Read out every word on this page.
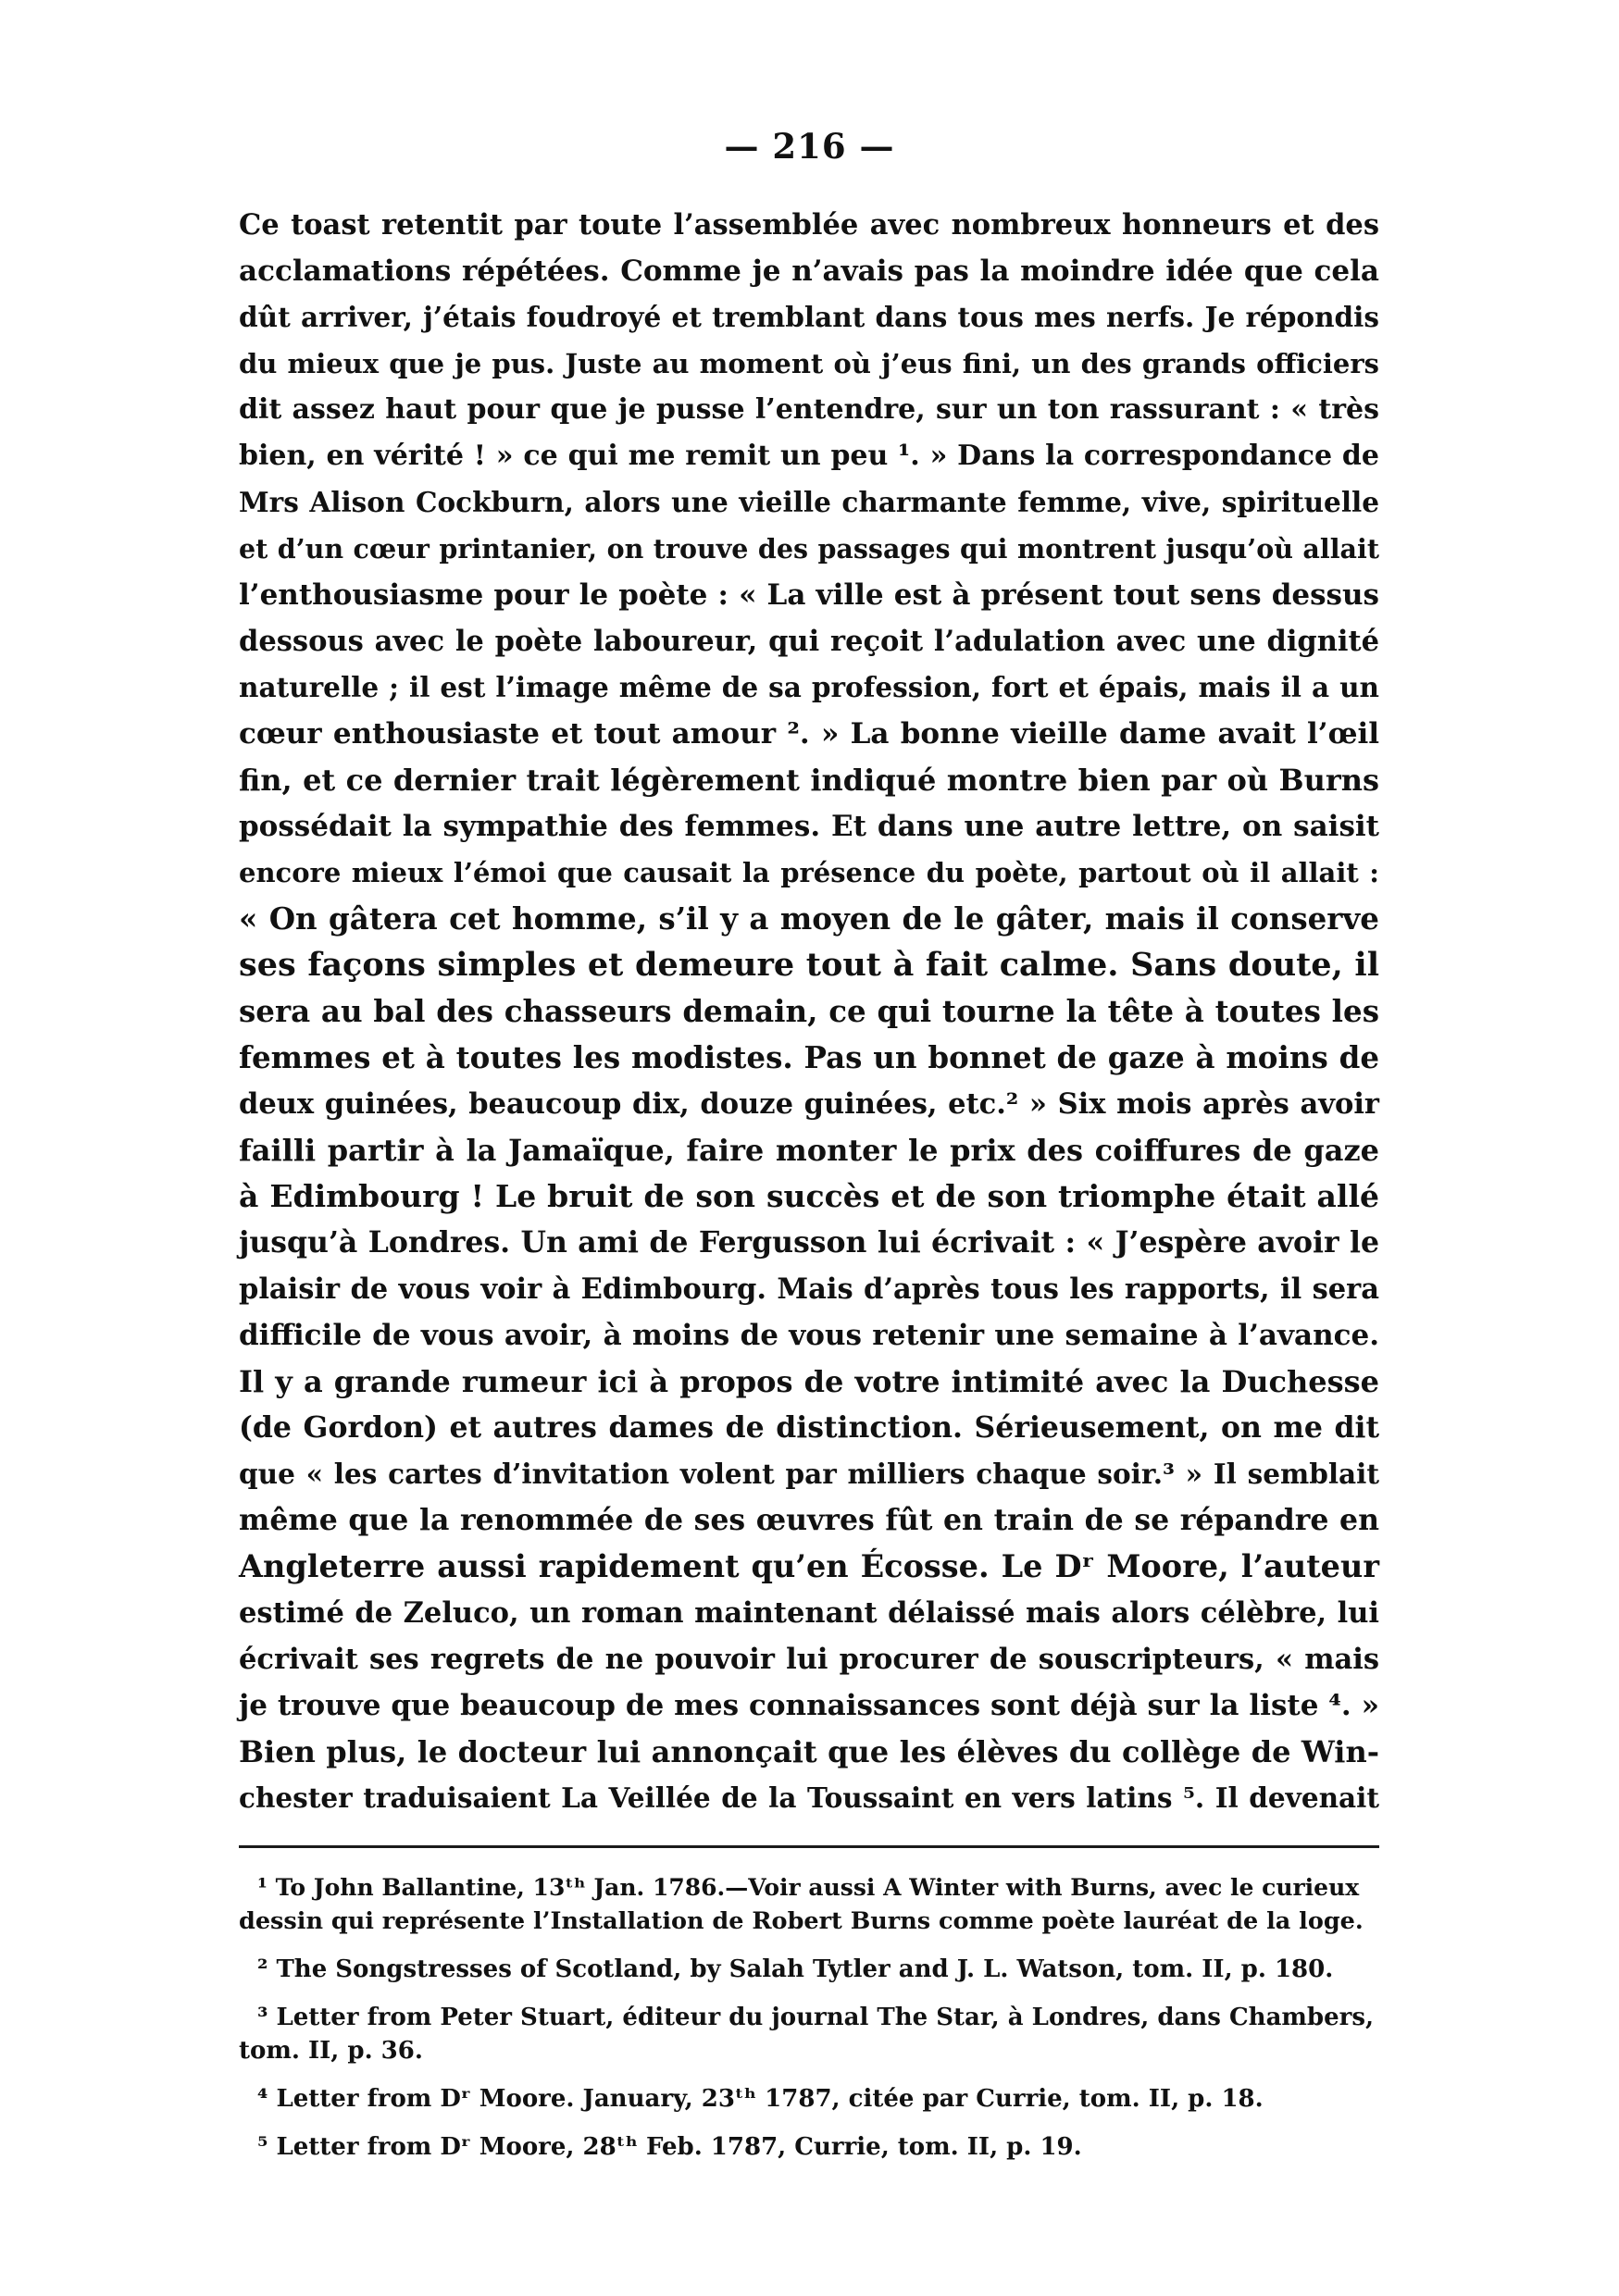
— 216 —
Ce toast retentit par toute l’assemblée avec nombreux honneurs et des
acclamations répétées. Comme je n’avais pas la moindre idée que cela
dût arriver, j’étais foudroyé et tremblant dans tous mes nerfs. Je répondis
du mieux que je pus. Juste au moment où j’eus fini, un des grands officiers
dit assez haut pour que je pusse l’entendre, sur un ton rassurant : « très
bien, en vérité ! » ce qui me remit un peu ¹. » Dans la correspondance de
Mrs Alison Cockburn, alors une vieille charmante femme, vive, spirituelle
et d’un cœur printanier, on trouve des passages qui montrent jusqu’où allait
l’enthousiasme pour le poète : « La ville est à présent tout sens dessus
dessous avec le poète laboureur, qui reçoit l’adulation avec une dignité
naturelle ; il est l’image même de sa profession, fort et épais, mais il a un
cœur enthousiaste et tout amour ². » La bonne vieille dame avait l’œil
fin, et ce dernier trait légèrement indiqué montre bien par où Burns
possédait la sympathie des femmes. Et dans une autre lettre, on saisit
encore mieux l’émoi que causait la présence du poète, partout où il allait :
« On gâtera cet homme, s’il y a moyen de le gâter, mais il conserve
ses façons simples et demeure tout à fait calme. Sans doute, il
sera au bal des chasseurs demain, ce qui tourne la tête à toutes les
femmes et à toutes les modistes. Pas un bonnet de gaze à moins de
deux guinées, beaucoup dix, douze guinées, etc.² » Six mois après avoir
failli partir à la Jamaïque, faire monter le prix des coiffures de gaze
à Edimbourg ! Le bruit de son succès et de son triomphe était allé
jusqu’à Londres. Un ami de Fergusson lui écrivait : « J’espère avoir le
plaisir de vous voir à Edimbourg. Mais d’après tous les rapports, il sera
difficile de vous avoir, à moins de vous retenir une semaine à l’avance.
Il y a grande rumeur ici à propos de votre intimité avec la Duchesse
(de Gordon) et autres dames de distinction. Sérieusement, on me dit
que « les cartes d’invitation volent par milliers chaque soir.³ » Il semblait
même que la renommée de ses œuvres fût en train de se répandre en
Angleterre aussi rapidement qu’en Écosse. Le Dʳ Moore, l’auteur
estimé de Zeluco, un roman maintenant délaissé mais alors célèbre, lui
écrivait ses regrets de ne pouvoir lui procurer de souscripteurs, « mais
je trouve que beaucoup de mes connaissances sont déjà sur la liste ⁴. »
Bien plus, le docteur lui annonçait que les élèves du collège de Win-
chester traduisaient La Veillée de la Toussaint en vers latins ⁵. Il devenait
¹ To John Ballantine, 13ᵗʰ Jan. 1786.—Voir aussi A Winter with Burns, avec le curieux
dessin qui représente l’Installation de Robert Burns comme poète lauréat de la loge.
² The Songstresses of Scotland, by Salah Tytler and J. L. Watson, tom. II, p. 180.
³ Letter from Peter Stuart, éditeur du journal The Star, à Londres, dans Chambers,
tom. II, p. 36.
⁴ Letter from Dʳ Moore. January, 23ᵗʰ 1787, citée par Currie, tom. II, p. 18.
⁵ Letter from Dʳ Moore, 28ᵗʰ Feb. 1787, Currie, tom. II, p. 19.
